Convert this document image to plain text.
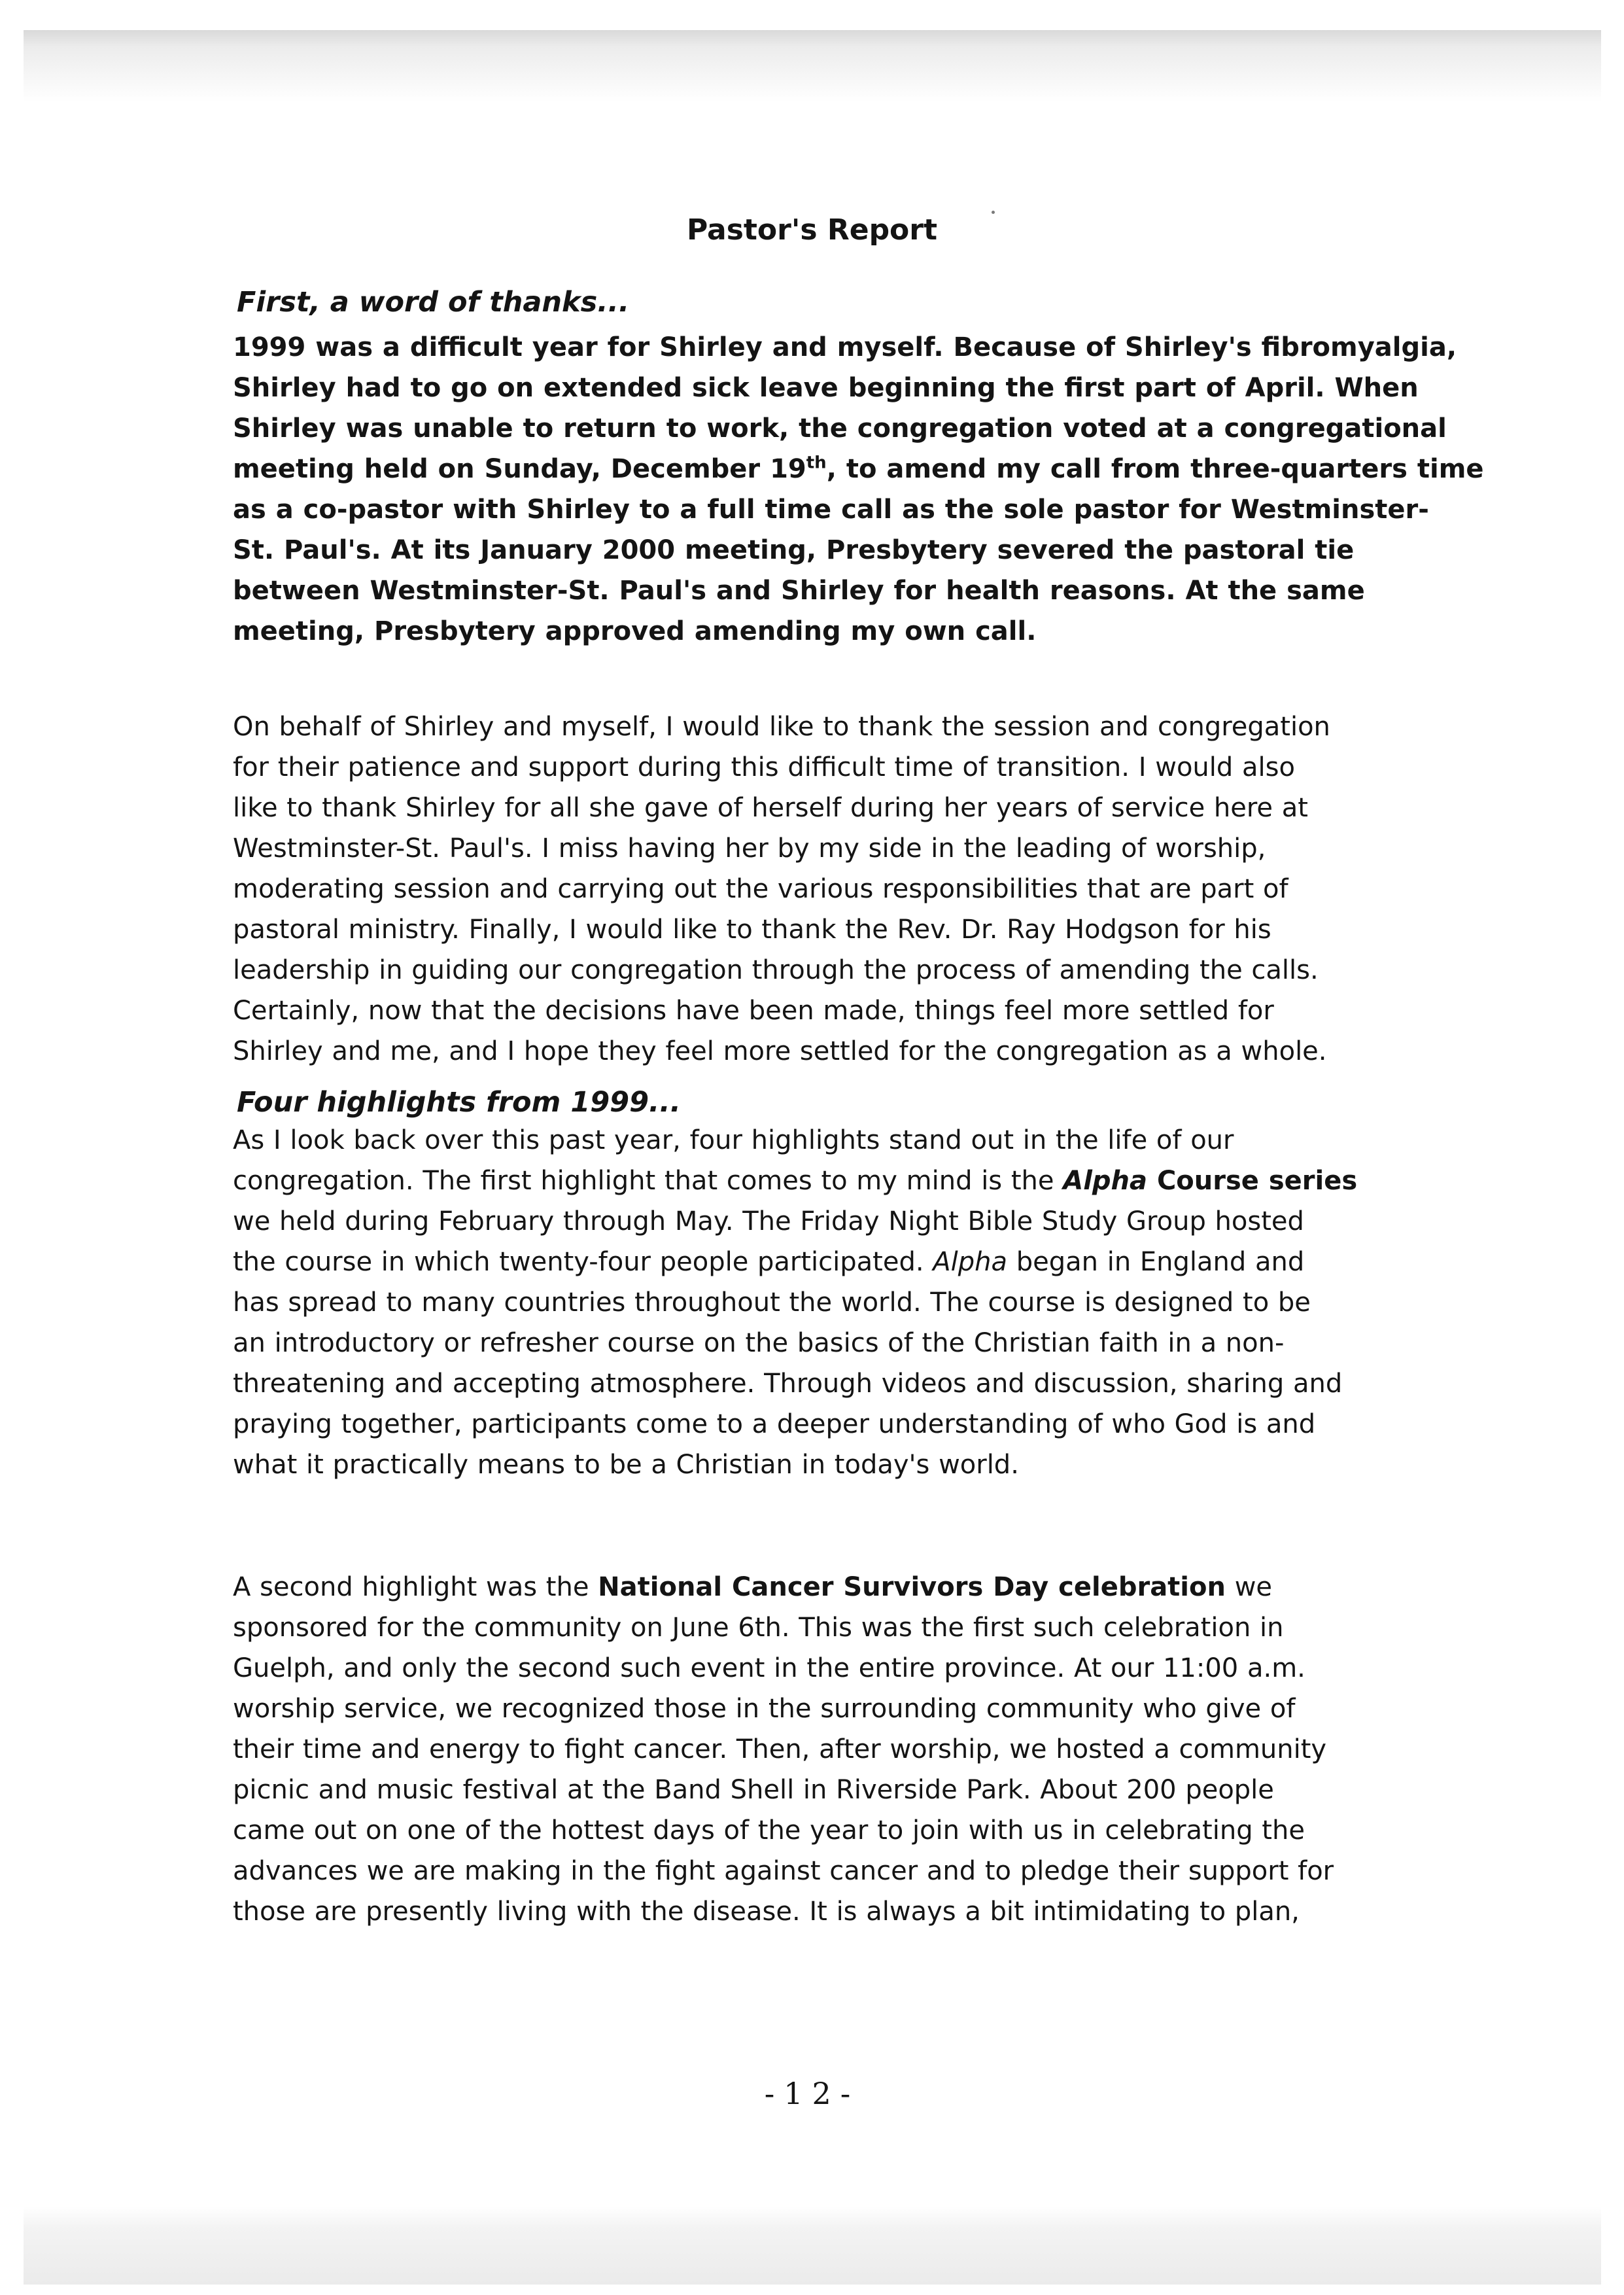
Pastor's Report
First, a word of thanks...

1999 was a difficult year for Shirley and myself. Because of Shirley's fibromyalgia,
Shirley had to go on extended sick leave beginning the first part of April. When
Shirley was unable to return to work, the congregation voted at a congregational
meeting held on Sunday, December 19th, to amend my call from three-quarters time
as a co-pastor with Shirley to a full time call as the sole pastor for Westminster-
St. Paul's. At its January 2000 meeting, Presbytery severed the pastoral tie
between Westminster-St. Paul's and Shirley for health reasons. At the same
meeting, Presbytery approved amending my own call.

On behalf of Shirley and myself, I would like to thank the session and congregation
for their patience and support during this difficult time of transition. I would also
like to thank Shirley for all she gave of herself during her years of service here at
Westminster-St. Paul's. I miss having her by my side in the leading of worship,
moderating session and carrying out the various responsibilities that are part of
pastoral ministry. Finally, I would like to thank the Rev. Dr. Ray Hodgson for his
leadership in guiding our congregation through the process of amending the calls.
Certainly, now that the decisions have been made, things feel more settled for
Shirley and me, and I hope they feel more settled for the congregation as a whole.

Four highlights from 1999...

As I look back over this past year, four highlights stand out in the life of our
congregation. The first highlight that comes to my mind is the Alpha Course series
we held during February through May. The Friday Night Bible Study Group hosted
the course in which twenty-four people participated. Alpha began in England and
has spread to many countries throughout the world. The course is designed to be
an introductory or refresher course on the basics of the Christian faith in a non-
threatening and accepting atmosphere. Through videos and discussion, sharing and
praying together, participants come to a deeper understanding of who God is and
what it practically means to be a Christian in today's world.

A second highlight was the National Cancer Survivors Day celebration we
sponsored for the community on June 6th. This was the first such celebration in
Guelph, and only the second such event in the entire province. At our 11:00 a.m.
worship service, we recognized those in the surrounding community who give of
their time and energy to fight cancer. Then, after worship, we hosted a community
picnic and music festival at the Band Shell in Riverside Park. About 200 people
came out on one of the hottest days of the year to join with us in celebrating the
advances we are making in the fight against cancer and to pledge their support for
those are presently living with the disease. It is always a bit intimidating to plan,

-12-
